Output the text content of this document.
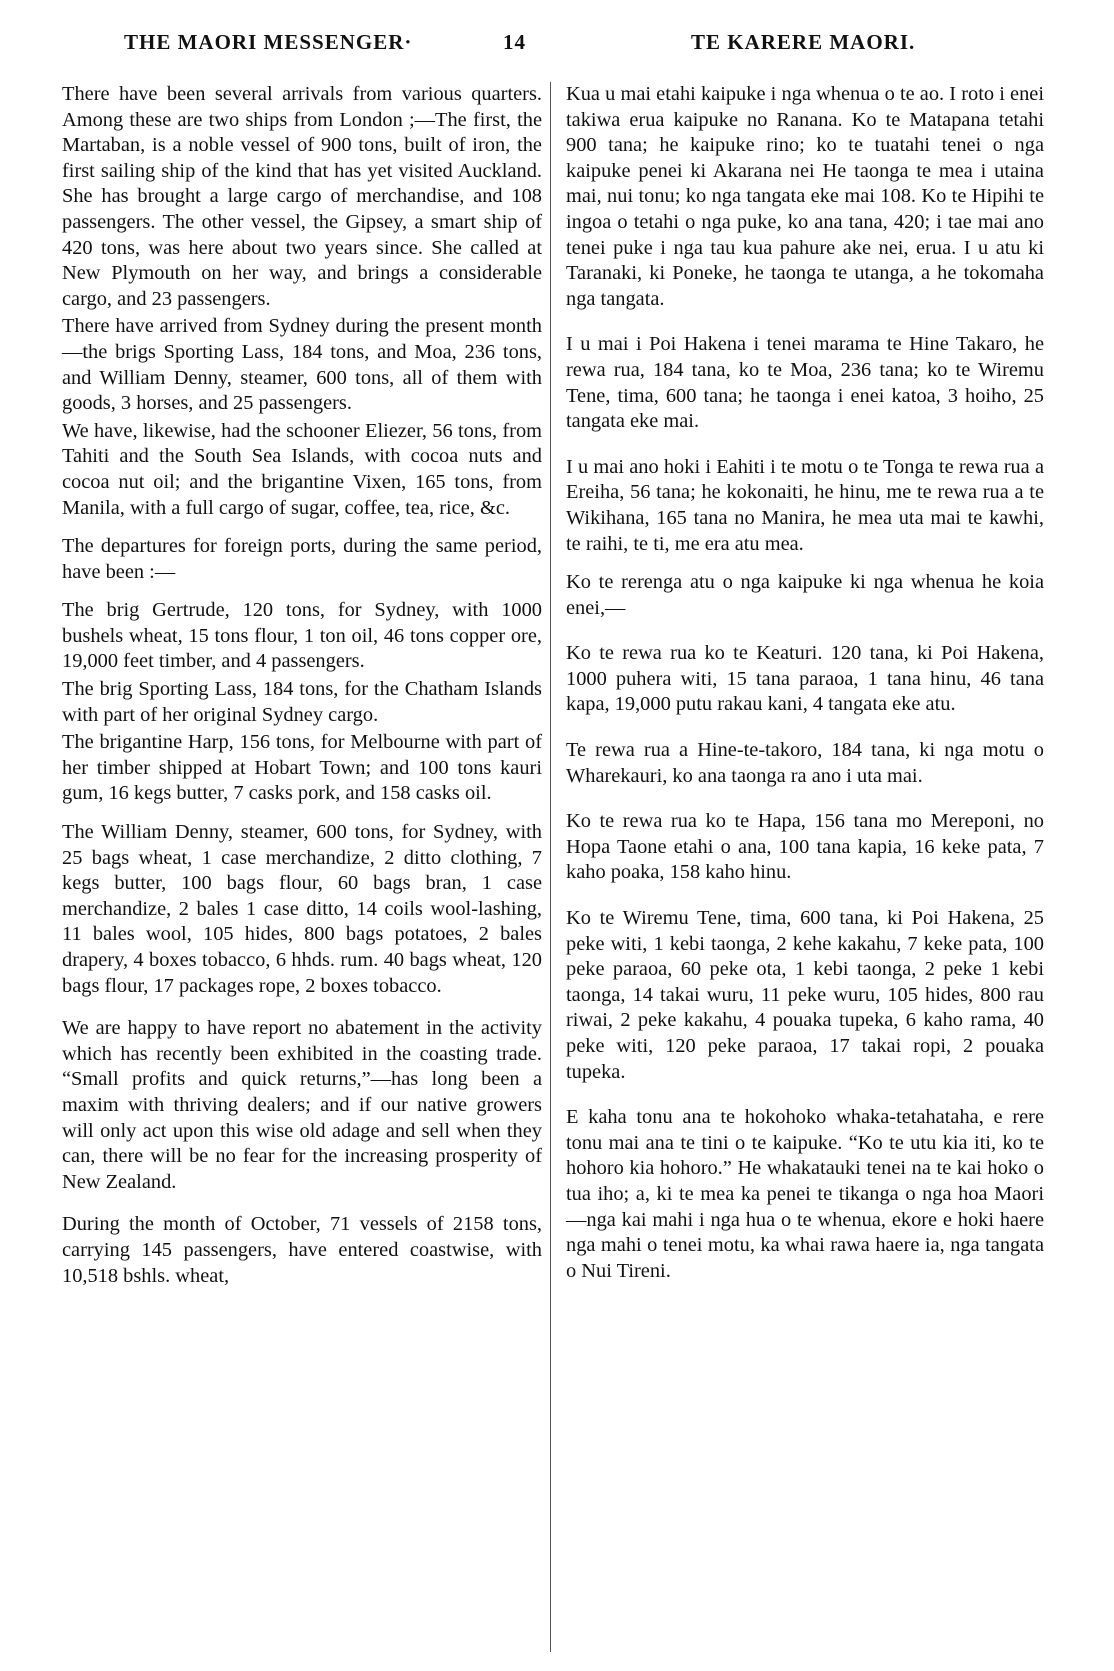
THE MAORI MESSENGER·	14	TE KARERE MAORI.

There have been several arrivals from various quarters. Among these are two ships from London ;—The first, the Martaban, is a noble vessel of 900 tons, built of iron, the first sailing ship of the kind that has yet visited Auckland. She has brought a large cargo of merchandise, and 108 passengers. The other vessel, the Gipsey, a smart ship of 420 tons, was here about two years since. She called at New Plymouth on her way, and brings a considerable cargo, and 23 passengers.

There have arrived from Sydney during the present month—the brigs Sporting Lass, 184 tons, and Moa, 236 tons, and William Denny, steamer, 600 tons, all of them with goods, 3 horses, and 25 passengers.

We have, likewise, had the schooner Eliezer, 56 tons, from Tahiti and the South Sea Islands, with cocoa nuts and cocoa nut oil; and the brigantine Vixen, 165 tons, from Manila, with a full cargo of sugar, coffee, tea, rice, &c.

The departures for foreign ports, during the same period, have been :—

The brig Gertrude, 120 tons, for Sydney, with 1000 bushels wheat, 15 tons flour, 1 ton oil, 46 tons copper ore, 19,000 feet timber, and 4 passengers.

The brig Sporting Lass, 184 tons, for the Chatham Islands with part of her original Sydney cargo.

The brigantine Harp, 156 tons, for Melbourne with part of her timber shipped at Hobart Town; and 100 tons kauri gum, 16 kegs butter, 7 casks pork, and 158 casks oil.

The William Denny, steamer, 600 tons, for Sydney, with 25 bags wheat, 1 case merchandize, 2 ditto clothing, 7 kegs butter, 100 bags flour, 60 bags bran, 1 case merchandize, 2 bales 1 case ditto, 14 coils wool-lashing, 11 bales wool, 105 hides, 800 bags potatoes, 2 bales drapery, 4 boxes tobacco, 6 hhds. rum. 40 bags wheat, 120 bags flour, 17 packages rope, 2 boxes tobacco.

We are happy to have report no abatement in the activity which has recently been exhibited in the coasting trade. “Small profits and quick returns,”—has long been a maxim with thriving dealers; and if our native growers will only act upon this wise old adage and sell when they can, there will be no fear for the increasing prosperity of New Zealand.

During the month of October, 71 vessels of 2158 tons, carrying 145 passengers, have entered coastwise, with 10,518 bshls. wheat,

Kua u mai etahi kaipuke i nga whenua o te ao. I roto i enei takiwa erua kaipuke no Ranana. Ko te Matapana tetahi 900 tana; he kaipuke rino; ko te tuatahi tenei o nga kaipuke penei ki Akarana nei He taonga te mea i utaina mai, nui tonu; ko nga tangata eke mai 108. Ko te Hipihi te ingoa o tetahi o nga puke, ko ana tana, 420; i tae mai ano tenei puke i nga tau kua pahure ake nei, erua. I u atu ki Taranaki, ki Poneke, he taonga te utanga, a he tokomaha nga tangata.

I u mai i Poi Hakena i tenei marama te Hine Takaro, he rewa rua, 184 tana, ko te Moa, 236 tana; ko te Wiremu Tene, tima, 600 tana; he taonga i enei katoa, 3 hoiho, 25 tangata eke mai.

I u mai ano hoki i Eahiti i te motu o te Tonga te rewa rua a Ereiha, 56 tana; he kokonaiti, he hinu, me te rewa rua a te Wikihana, 165 tana no Manira, he mea uta mai te kawhi, te raihi, te ti, me era atu mea.

Ko te rerenga atu o nga kaipuke ki nga whenua he koia enei,—

Ko te rewa rua ko te Keaturi. 120 tana, ki Poi Hakena, 1000 puhera witi, 15 tana paraoa, 1 tana hinu, 46 tana kapa, 19,000 putu rakau kani, 4 tangata eke atu.

Te rewa rua a Hine-te-takoro, 184 tana, ki nga motu o Wharekauri, ko ana taonga ra ano i uta mai.

Ko te rewa rua ko te Hapa, 156 tana mo Mereponi, no Hopa Taone etahi o ana, 100 tana kapia, 16 keke pata, 7 kaho poaka, 158 kaho hinu.

Ko te Wiremu Tene, tima, 600 tana, ki Poi Hakena, 25 peke witi, 1 kebi taonga, 2 kehe kakahu, 7 keke pata, 100 peke paraoa, 60 peke ota, 1 kebi taonga, 2 peke 1 kebi taonga, 14 takai wuru, 11 peke wuru, 105 hides, 800 rau riwai, 2 peke kakahu, 4 pouaka tupeka, 6 kaho rama, 40 peke witi, 120 peke paraoa, 17 takai ropi, 2 pouaka tupeka.

E kaha tonu ana te hokohoko whaka-tetahataha, e rere tonu mai ana te tini o te kaipuke. “Ko te utu kia iti, ko te hohoro kia hohoro.” He whakatauki tenei na te kai hoko o tua iho; a, ki te mea ka penei te tikanga o nga hoa Maori—nga kai mahi i nga hua o te whenua, ekore e hoki haere nga mahi o tenei motu, ka whai rawa haere ia, nga tangata o Nui Tireni.
